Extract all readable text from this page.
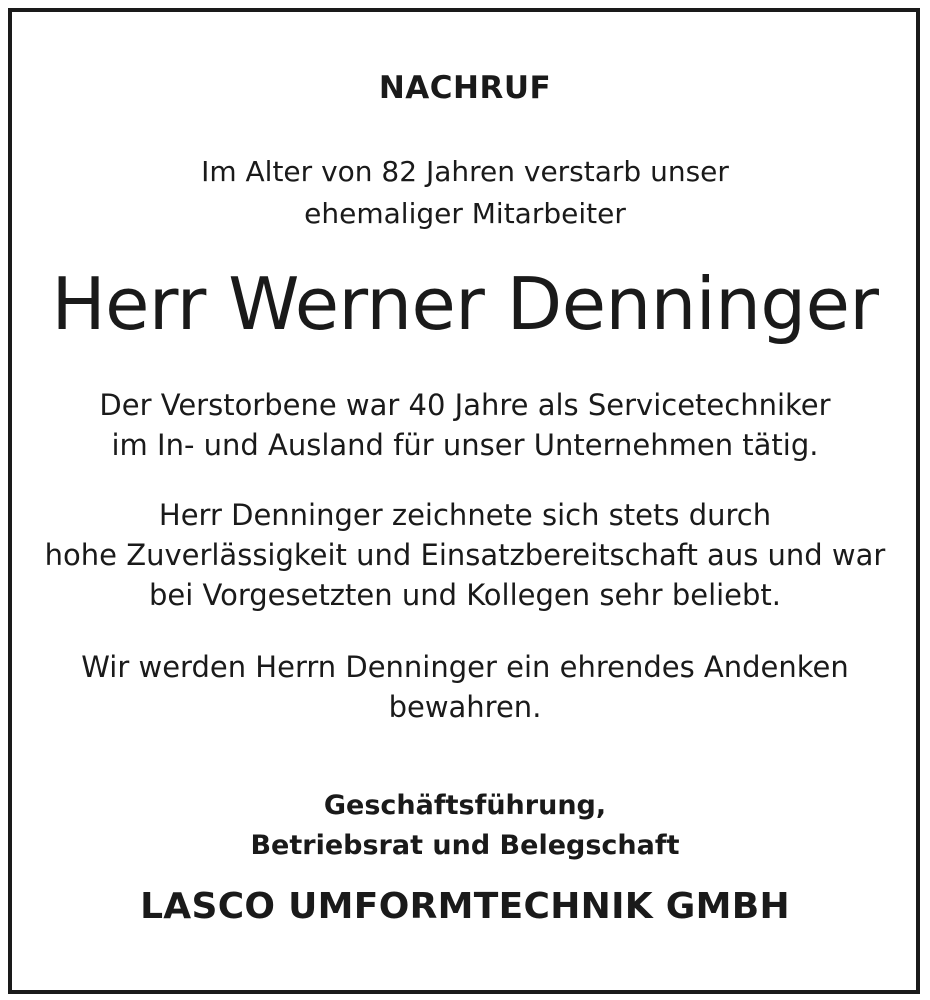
NACHRUF
Im Alter von 82 Jahren verstarb unser
ehemaliger Mitarbeiter
Herr Werner Denninger
Der Verstorbene war 40 Jahre als Servicetechniker
im In- und Ausland für unser Unternehmen tätig.
Herr Denninger zeichnete sich stets durch
hohe Zuverlässigkeit und Einsatzbereitschaft aus und war
bei Vorgesetzten und Kollegen sehr beliebt.
Wir werden Herrn Denninger ein ehrendes Andenken
bewahren.
Geschäftsführung,
Betriebsrat und Belegschaft
LASCO UMFORMTECHNIK GMBH
